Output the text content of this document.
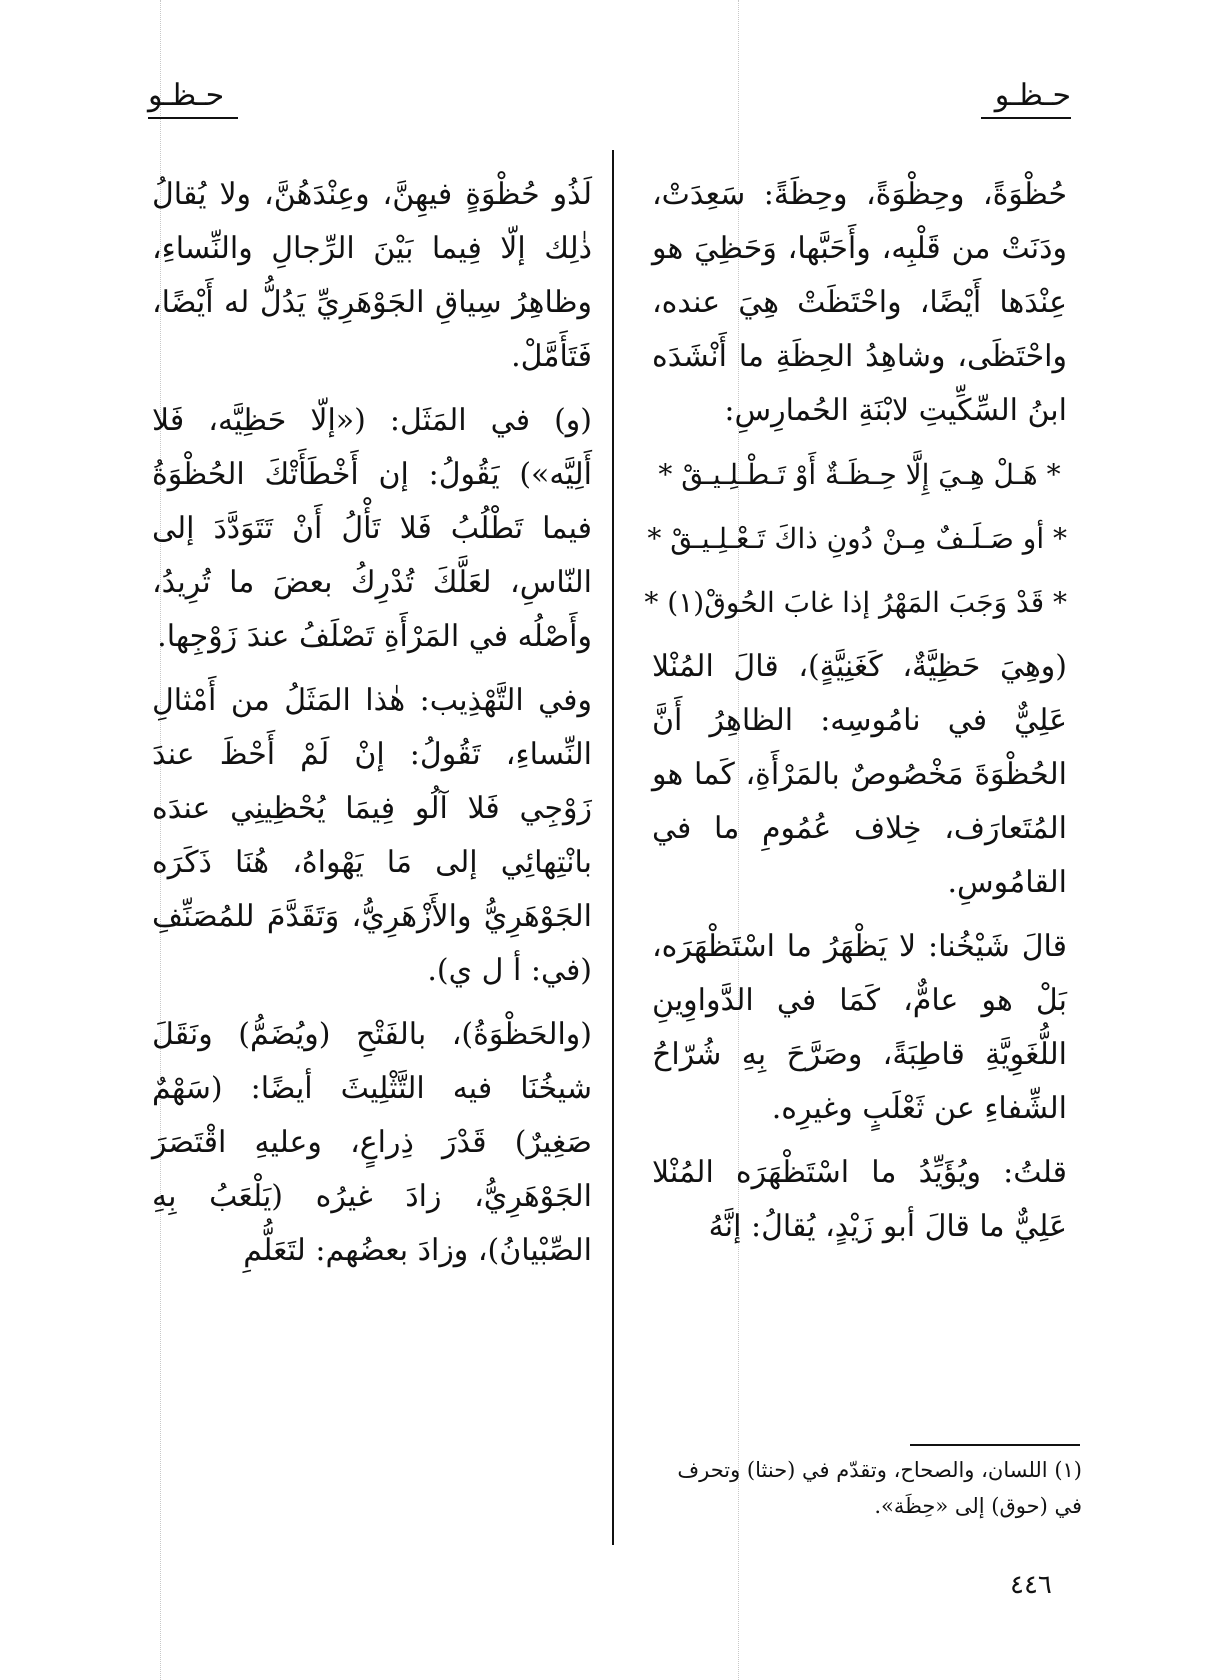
حـظـو
حـظـو

حُظْوَةً، وحِظْوَةً، وحِظَةً: سَعِدَتْ، ودَنَتْ من قَلْبِه، وأَحَبَّها، وَحَظِيَ هو عِنْدَها أَيْضًا، واحْتَظَتْ هِيَ عنده، واحْتَظَى، وشاهِدُ الحِظَةِ ما أَنْشَدَه ابنُ السِّكِّيتِ لابْنَةِ الحُمارِسِ:

* هَـلْ هِـيَ إِلَّا حِـظَـةٌ أَوْ تَـطْـلِـيـقْ *

* أو صَـلَـفٌ مِـنْ دُونِ ذاكَ تَـعْـلِـيـقْ *

* قَدْ وَجَبَ المَهْرُ إذا غابَ الحُوقْ(١) *

(وهِيَ حَظِيَّةٌ، كَغَنِيَّةٍ)، قالَ المُنْلا عَلِيٌّ في نامُوسِه: الظاهِرُ أَنَّ الحُظْوَةَ مَخْصُوصٌ بالمَرْأَةِ، كَما هو المُتَعارَف، خِلاف عُمُومِ ما في القامُوسِ.

قالَ شَيْخُنا: لا يَظْهَرُ ما اسْتَظْهَرَه، بَلْ هو عامٌّ، كَمَا في الدَّواوِينِ اللُّغَوِيَّةِ قاطِبَةً، وصَرَّحَ بِهِ شُرّاحُ الشِّفاءِ عن ثَعْلَبٍ وغيرِه.

قلتُ: ويُؤَيِّدُ ما اسْتَظْهَرَه المُنْلا عَلِيٌّ ما قالَ أبو زَيْدٍ، يُقالُ: إنَّهُ

لَذُو حُظْوَةٍ فيهِنَّ، وعِنْدَهُنَّ، ولا يُقالُ ذٰلِك إلّا فِيما بَيْنَ الرِّجالِ والنِّساءِ، وظاهِرُ سِياقِ الجَوْهَرِيِّ يَدُلُّ له أَيْضًا، فَتَأَمَّلْ.

(و) في المَثَل: («إلّا حَظِيَّه، فَلا أَلِيَّه») يَقُولُ: إن أَخْطَأَتْكَ الحُظْوَةُ فيما تَطْلُبُ فَلا تَأْلُ أَنْ تَتَوَدَّدَ إلى النّاسِ، لعَلَّكَ تُدْرِكُ بعضَ ما تُرِيدُ، وأَصْلُه في المَرْأَةِ تَصْلَفُ عندَ زَوْجِها.

وفي التَّهْذِيب: هٰذا المَثَلُ من أَمْثالِ النِّساءِ، تَقُولُ: إنْ لَمْ أَحْظَ عندَ زَوْجِي فَلا آلُو فِيمَا يُحْظِينِي عندَه بانْتِهائِي إلى مَا يَهْواهُ، هُنَا ذَكَرَه الجَوْهَرِيُّ والأَزْهَرِيُّ، وَتَقَدَّمَ للمُصَنِّفِ (في: أ ل ي).

(والحَظْوَةُ)، بالفَتْحِ (ويُضَمُّ) ونَقَلَ شيخُنَا فيه التَّثْلِيثَ أيضًا: (سَهْمٌ صَغِيرٌ) قَدْرَ ذِراعٍ، وعليهِ اقْتَصَرَ الجَوْهَرِيُّ، زادَ غيرُه (يَلْعَبُ بِهِ الصِّبْيانُ)، وزادَ بعضُهم: لتَعَلُّمِ

(١) اللسان، والصحاح، وتقدّم في (حنثا) وتحرف في (حوق) إلى «حِظَة».
٤٤٦
